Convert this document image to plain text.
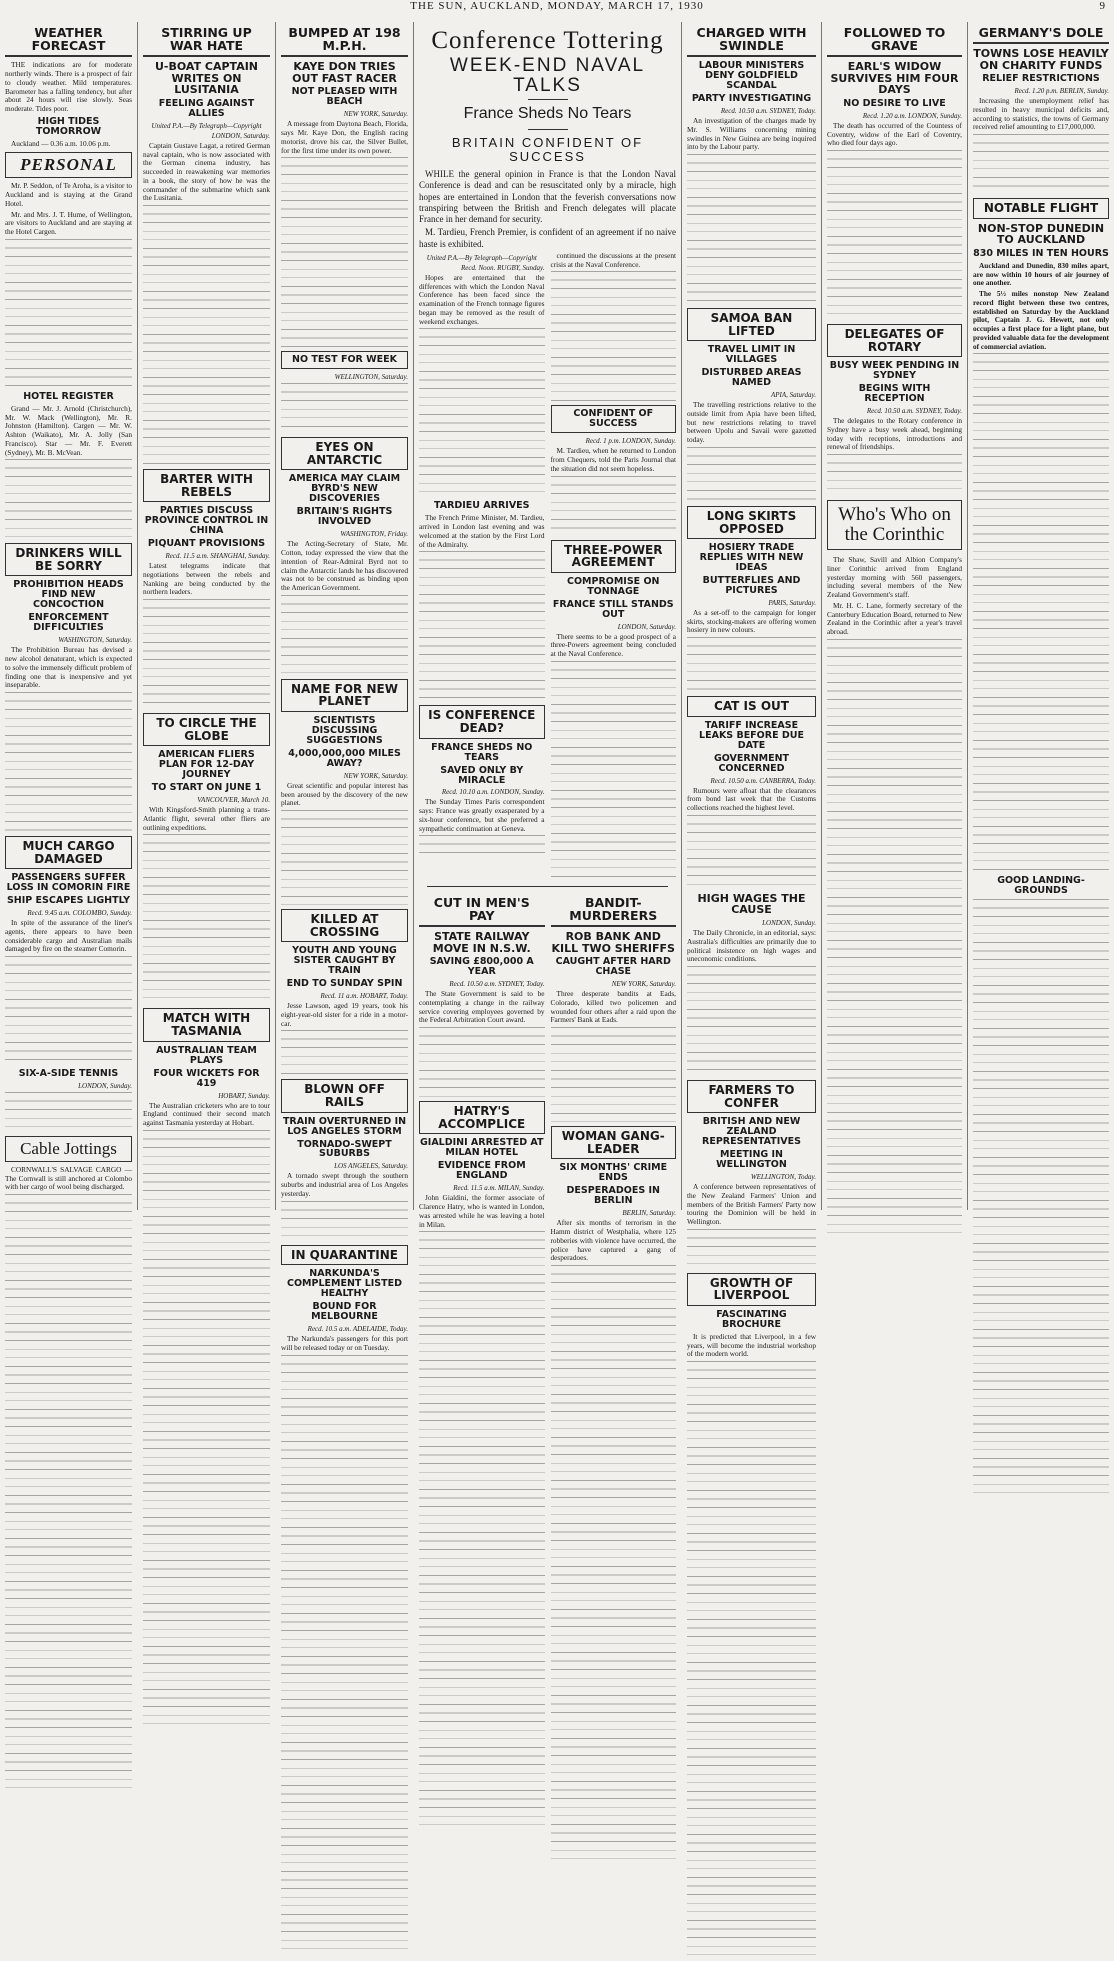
THE SUN, AUCKLAND, MONDAY, MARCH 17, 1930	9
WEATHER FORECAST

THE indications are for moderate northerly winds. There is a prospect of fair to cloudy weather. Mild temperatures. Barometer has a falling tendency, but after about 24 hours will rise slowly. Seas moderate. Tides poor.

HIGH TIDES TOMORROW

Auckland — 0.36 a.m. 10.06 p.m.

PERSONAL

Mr. P. Seddon, of Te Aroha, is a visitor to Auckland and is staying at the Grand Hotel.

Mr. and Mrs. J. T. Hume, of Wellington, are visitors to Auckland and are staying at the Hotel Cargen.

HOTEL REGISTER

Grand — Mr. J. Arnold (Christchurch), Mr. W. Mack (Wellington), Mr. R. Johnston (Hamilton). Cargen — Mr. W. Ashton (Waikato), Mr. A. Jolly (San Francisco). Star — Mr. F. Everett (Sydney), Mr. B. McVean.

DRINKERS WILL BE SORRY
PROHIBITION HEADS FIND NEW CONCOCTION
ENFORCEMENT DIFFICULTIES
WASHINGTON, Saturday.

The Prohibition Bureau has devised a new alcohol denaturant, which is expected to solve the immensely difficult problem of finding one that is inexpensive and yet inseparable.

MUCH CARGO DAMAGED
PASSENGERS SUFFER LOSS IN COMORIN FIRE
SHIP ESCAPES LIGHTLY
Recd. 9.45 a.m. COLOMBO, Sunday.

In spite of the assurance of the liner's agents, there appears to have been considerable cargo and Australian mails damaged by fire on the steamer Comorin.

SIX-A-SIDE TENNIS
LONDON, Sunday.
Cable Jottings

CORNWALL'S SALVAGE CARGO — The Cornwall is still anchored at Colombo with her cargo of wool being discharged.

STIRRING UP WAR HATE
U-BOAT CAPTAIN WRITES ON LUSITANIA
FEELING AGAINST ALLIES
United P.A.—By Telegraph—Copyright
LONDON, Saturday.

Captain Gustave Lagat, a retired German naval captain, who is now associated with the German cinema industry, has succeeded in reawakening war memories in a book, the story of how he was the commander of the submarine which sank the Lusitania.

BARTER WITH REBELS
PARTIES DISCUSS PROVINCE CONTROL IN CHINA
PIQUANT PROVISIONS
Recd. 11.5 a.m. SHANGHAI, Sunday.

Latest telegrams indicate that negotiations between the rebels and Nanking are being conducted by the northern leaders.

TO CIRCLE THE GLOBE
AMERICAN FLIERS PLAN FOR 12-DAY JOURNEY
TO START ON JUNE 1
VANCOUVER, March 10.

With Kingsford-Smith planning a trans-Atlantic flight, several other fliers are outlining expeditions.

MATCH WITH TASMANIA
AUSTRALIAN TEAM PLAYS
FOUR WICKETS FOR 419
HOBART, Sunday.

The Australian cricketers who are to tour England continued their second match against Tasmania yesterday at Hobart.

BUMPED AT 198 M.P.H.
KAYE DON TRIES OUT FAST RACER
NOT PLEASED WITH BEACH
NEW YORK, Saturday.

A message from Daytona Beach, Florida, says Mr. Kaye Don, the English racing motorist, drove his car, the Silver Bullet, for the first time under its own power.

NO TEST FOR WEEK
WELLINGTON, Saturday.
EYES ON ANTARCTIC
AMERICA MAY CLAIM BYRD'S NEW DISCOVERIES
BRITAIN'S RIGHTS INVOLVED
WASHINGTON, Friday.

The Acting-Secretary of State, Mr. Cotton, today expressed the view that the intention of Rear-Admiral Byrd not to claim the Antarctic lands he has discovered was not to be construed as binding upon the American Government.

NAME FOR NEW PLANET
SCIENTISTS DISCUSSING SUGGESTIONS
4,000,000,000 MILES AWAY?
NEW YORK, Saturday.

Great scientific and popular interest has been aroused by the discovery of the new planet.

KILLED AT CROSSING
YOUTH AND YOUNG SISTER CAUGHT BY TRAIN
END TO SUNDAY SPIN
Recd. 11 a.m. HOBART, Today.

Jesse Lawson, aged 19 years, took his eight-year-old sister for a ride in a motor-car.

BLOWN OFF RAILS
TRAIN OVERTURNED IN LOS ANGELES STORM
TORNADO-SWEPT SUBURBS
LOS ANGELES, Saturday.

A tornado swept through the southern suburbs and industrial area of Los Angeles yesterday.

IN QUARANTINE
NARKUNDA'S COMPLEMENT LISTED HEALTHY
BOUND FOR MELBOURNE
Recd. 10.5 a.m. ADELAIDE, Today.

The Narkunda's passengers for this port will be released today or on Tuesday.

Conference Tottering
WEEK-END NAVAL TALKS
France Sheds No Tears
BRITAIN CONFIDENT OF SUCCESS

WHILE the general opinion in France is that the London Naval Conference is dead and can be resuscitated only by a miracle, high hopes are entertained in London that the feverish conversations now transpiring between the British and French delegates will placate France in her demand for security.

M. Tardieu, French Premier, is confident of an agreement if no naive haste is exhibited.

United P.A.—By Telegraph—Copyright
Recd. Noon. RUGBY, Sunday.

Hopes are entertained that the differences with which the London Naval Conference has been faced since the examination of the French tonnage figures began may be removed as the result of weekend exchanges.

TARDIEU ARRIVES

The French Prime Minister, M. Tardieu, arrived in London last evening and was welcomed at the station by the First Lord of the Admiralty.

IS CONFERENCE DEAD?
FRANCE SHEDS NO TEARS
SAVED ONLY BY MIRACLE
Recd. 10.10 a.m. LONDON, Sunday.

The Sunday Times Paris correspondent says: France was greatly exasperated by a six-hour conference, but she preferred a sympathetic continuation at Geneva.

continued the discussions at the present crisis at the Naval Conference.

CONFIDENT OF SUCCESS
Recd. 1 p.m. LONDON, Sunday.

M. Tardieu, when he returned to London from Chequers, told the Paris Journal that the situation did not seem hopeless.

THREE-POWER AGREEMENT
COMPROMISE ON TONNAGE
FRANCE STILL STANDS OUT
LONDON, Saturday.

There seems to be a good prospect of a three-Powers agreement being concluded at the Naval Conference.

CUT IN MEN'S PAY
STATE RAILWAY MOVE IN N.S.W.
SAVING £800,000 A YEAR
Recd. 10.50 a.m. SYDNEY, Today.

The State Government is said to be contemplating a change in the railway service covering employees governed by the Federal Arbitration Court award.

HATRY'S ACCOMPLICE
GIALDINI ARRESTED AT MILAN HOTEL
EVIDENCE FROM ENGLAND
Recd. 11.5 a.m. MILAN, Sunday.

John Gialdini, the former associate of Clarence Hatry, who is wanted in London, was arrested while he was leaving a hotel in Milan.

BANDIT-MURDERERS
ROB BANK AND KILL TWO SHERIFFS
CAUGHT AFTER HARD CHASE
NEW YORK, Saturday.

Three desperate bandits at Eads, Colorado, killed two policemen and wounded four others after a raid upon the Farmers' Bank at Eads.

WOMAN GANG-LEADER
SIX MONTHS' CRIME ENDS
DESPERADOES IN BERLIN
BERLIN, Saturday.

After six months of terrorism in the Hamm district of Westphalia, where 125 robberies with violence have occurred, the police have captured a gang of desperadoes.

CHARGED WITH SWINDLE
LABOUR MINISTERS DENY GOLDFIELD SCANDAL
PARTY INVESTIGATING
Recd. 10.50 a.m. SYDNEY, Today.

An investigation of the charges made by Mr. S. Williams concerning mining swindles in New Guinea are being inquired into by the Labour party.

SAMOA BAN LIFTED
TRAVEL LIMIT IN VILLAGES
DISTURBED AREAS NAMED
APIA, Saturday.

The travelling restrictions relative to the outside limit from Apia have been lifted, but new restrictions relating to travel between Upolu and Savaii were gazetted today.

LONG SKIRTS OPPOSED
HOSIERY TRADE REPLIES WITH NEW IDEAS
BUTTERFLIES AND PICTURES
PARIS, Saturday.

As a set-off to the campaign for longer skirts, stocking-makers are offering women hosiery in new colours.

CAT IS OUT
TARIFF INCREASE LEAKS BEFORE DUE DATE
GOVERNMENT CONCERNED
Recd. 10.50 a.m. CANBERRA, Today.

Rumours were afloat that the clearances from bond last week that the Customs collections reached the highest level.

HIGH WAGES THE CAUSE
LONDON, Sunday.

The Daily Chronicle, in an editorial, says: Australia's difficulties are primarily due to political insistence on high wages and uneconomic conditions.

FARMERS TO CONFER
BRITISH AND NEW ZEALAND REPRESENTATIVES
MEETING IN WELLINGTON
WELLINGTON, Today.

A conference between representatives of the New Zealand Farmers' Union and members of the British Farmers' Party now touring the Dominion will be held in Wellington.

GROWTH OF LIVERPOOL
FASCINATING BROCHURE

It is predicted that Liverpool, in a few years, will become the industrial workshop of the modern world.

FOLLOWED TO GRAVE
EARL'S WIDOW SURVIVES HIM FOUR DAYS
NO DESIRE TO LIVE
Recd. 1.20 a.m. LONDON, Sunday.

The death has occurred of the Countess of Coventry, widow of the Earl of Coventry, who died four days ago.

DELEGATES OF ROTARY
BUSY WEEK PENDING IN SYDNEY
BEGINS WITH RECEPTION
Recd. 10.50 a.m. SYDNEY, Today.

The delegates to the Rotary conference in Sydney have a busy week ahead, beginning today with receptions, introductions and renewal of friendships.

Who's Who on the Corinthic

The Shaw, Savill and Albion Company's liner Corinthic arrived from England yesterday morning with 560 passengers, including several members of the New Zealand Government's staff.

Mr. H. C. Lane, formerly secretary of the Canterbury Education Board, returned to New Zealand in the Corinthic after a year's travel abroad.

GERMANY'S DOLE
TOWNS LOSE HEAVILY ON CHARITY FUNDS
RELIEF RESTRICTIONS
Recd. 1.20 p.m. BERLIN, Sunday.

Increasing the unemployment relief has resulted in heavy municipal deficits and, according to statistics, the towns of Germany received relief amounting to £17,000,000.

NOTABLE FLIGHT
NON-STOP DUNEDIN TO AUCKLAND
830 MILES IN TEN HOURS

Auckland and Dunedin, 830 miles apart, are now within 10 hours of air journey of one another.

The 5½ miles nonstop New Zealand record flight between these two centres, established on Saturday by the Auckland pilot, Captain J. G. Hewett, not only occupies a first place for a light plane, but provided valuable data for the development of commercial aviation.

GOOD LANDING-GROUNDS
